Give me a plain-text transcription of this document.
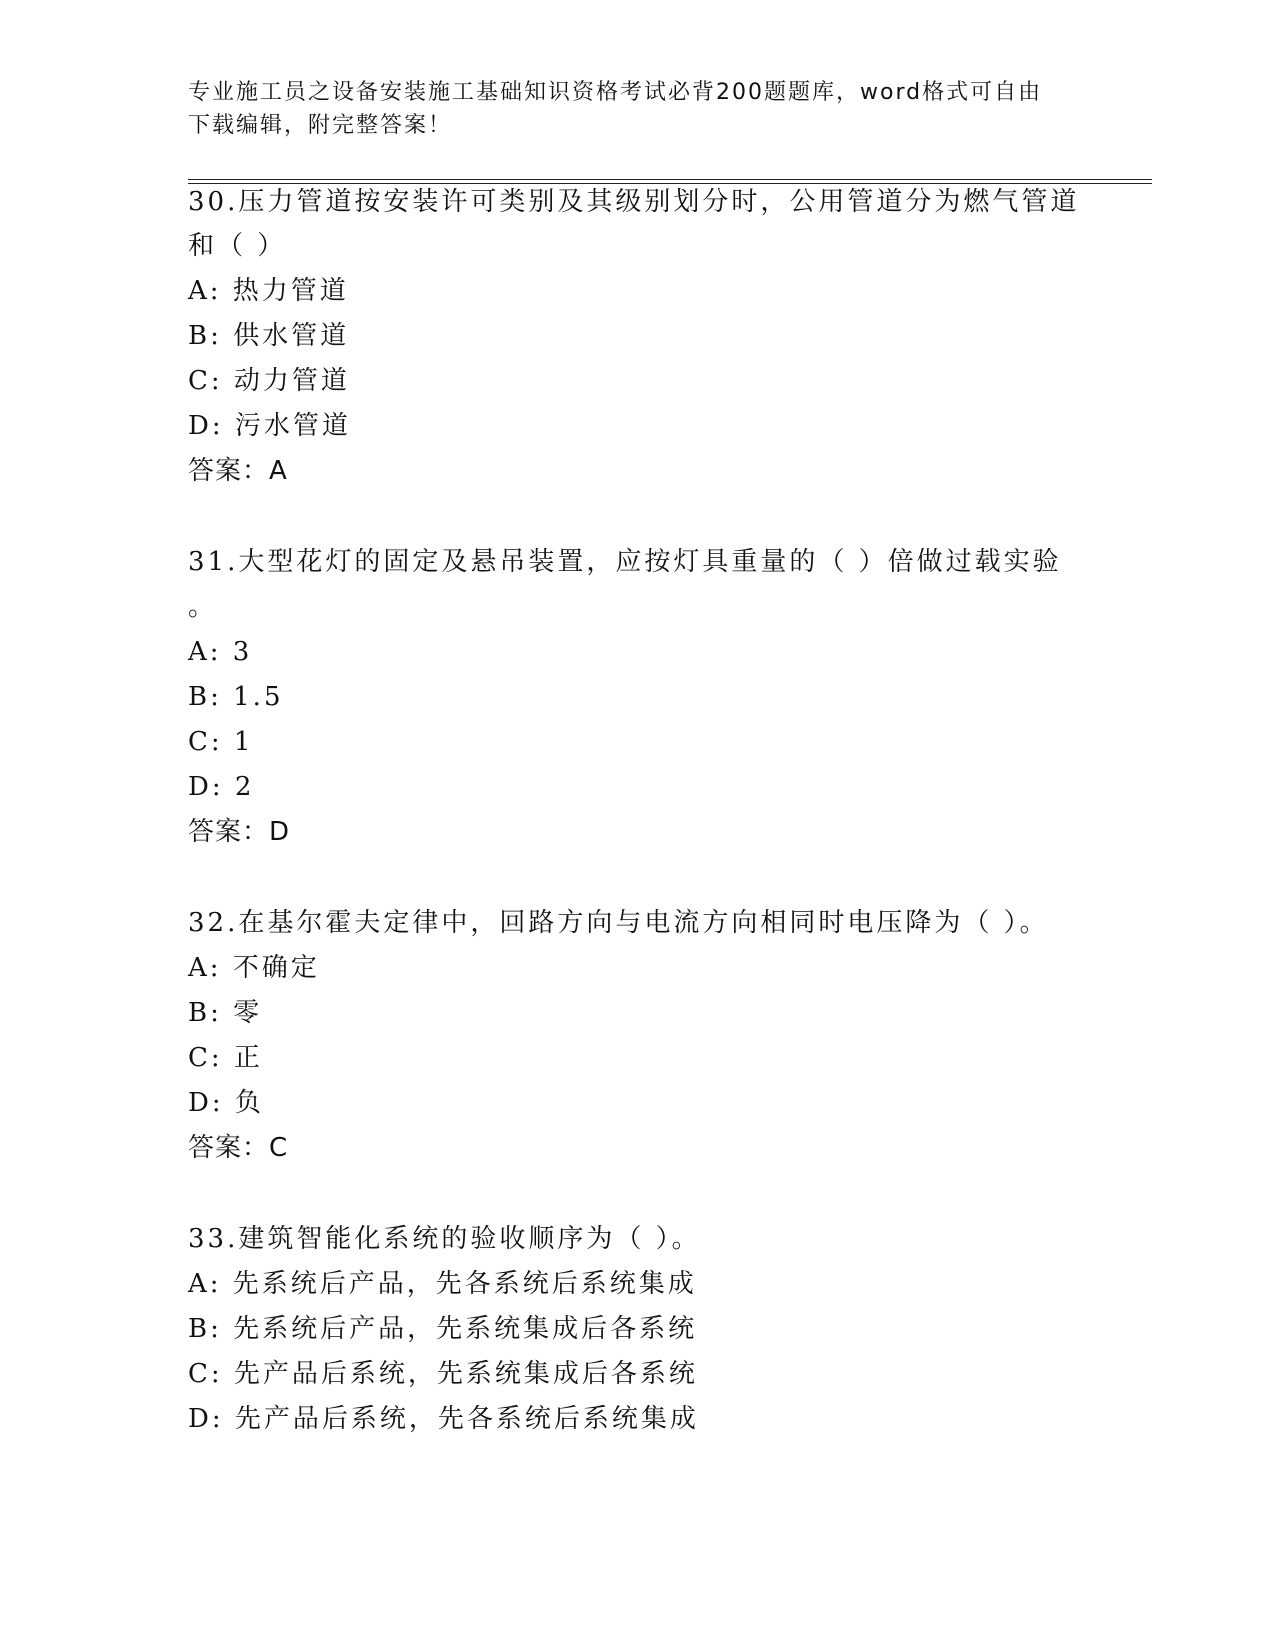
专业施工员之设备安装施工基础知识资格考试必背200题题库，word格式可自由
下载编辑，附完整答案！
30.压力管道按安装许可类别及其级别划分时，公用管道分为燃气管道
和（ ）
A: 热力管道
B: 供水管道
C: 动力管道
D: 污水管道
答案：A
31.大型花灯的固定及悬吊装置，应按灯具重量的（ ）倍做过载实验
。
A: 3
B: 1.5
C: 1
D: 2
答案：D
32.在基尔霍夫定律中，回路方向与电流方向相同时电压降为（ ）。
A: 不确定
B: 零
C: 正
D: 负
答案：C
33.建筑智能化系统的验收顺序为（ ）。
A: 先系统后产品，先各系统后系统集成
B: 先系统后产品，先系统集成后各系统
C: 先产品后系统，先系统集成后各系统
D: 先产品后系统，先各系统后系统集成
